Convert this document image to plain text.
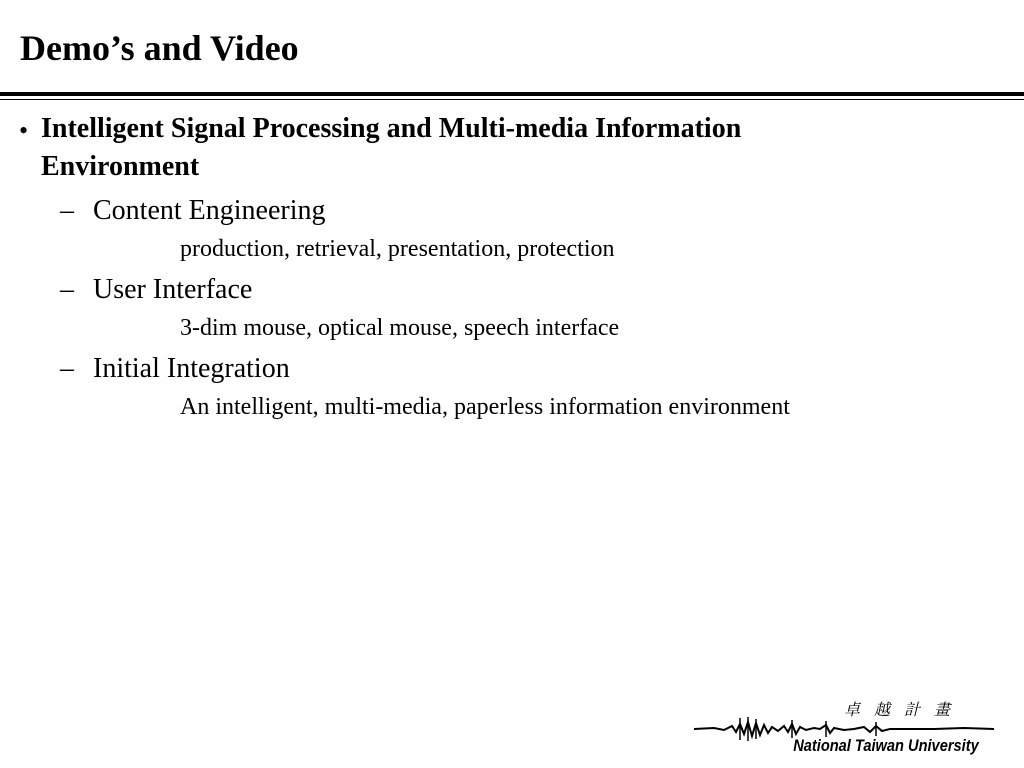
Demo’s and Video
• Intelligent Signal Processing and Multi-media Information Environment
– Content Engineering
production, retrieval, presentation, protection
– User Interface
3-dim mouse, optical mouse, speech interface
– Initial Integration
An intelligent, multi-media, paperless information environment
卓越計畫
National Taiwan University
